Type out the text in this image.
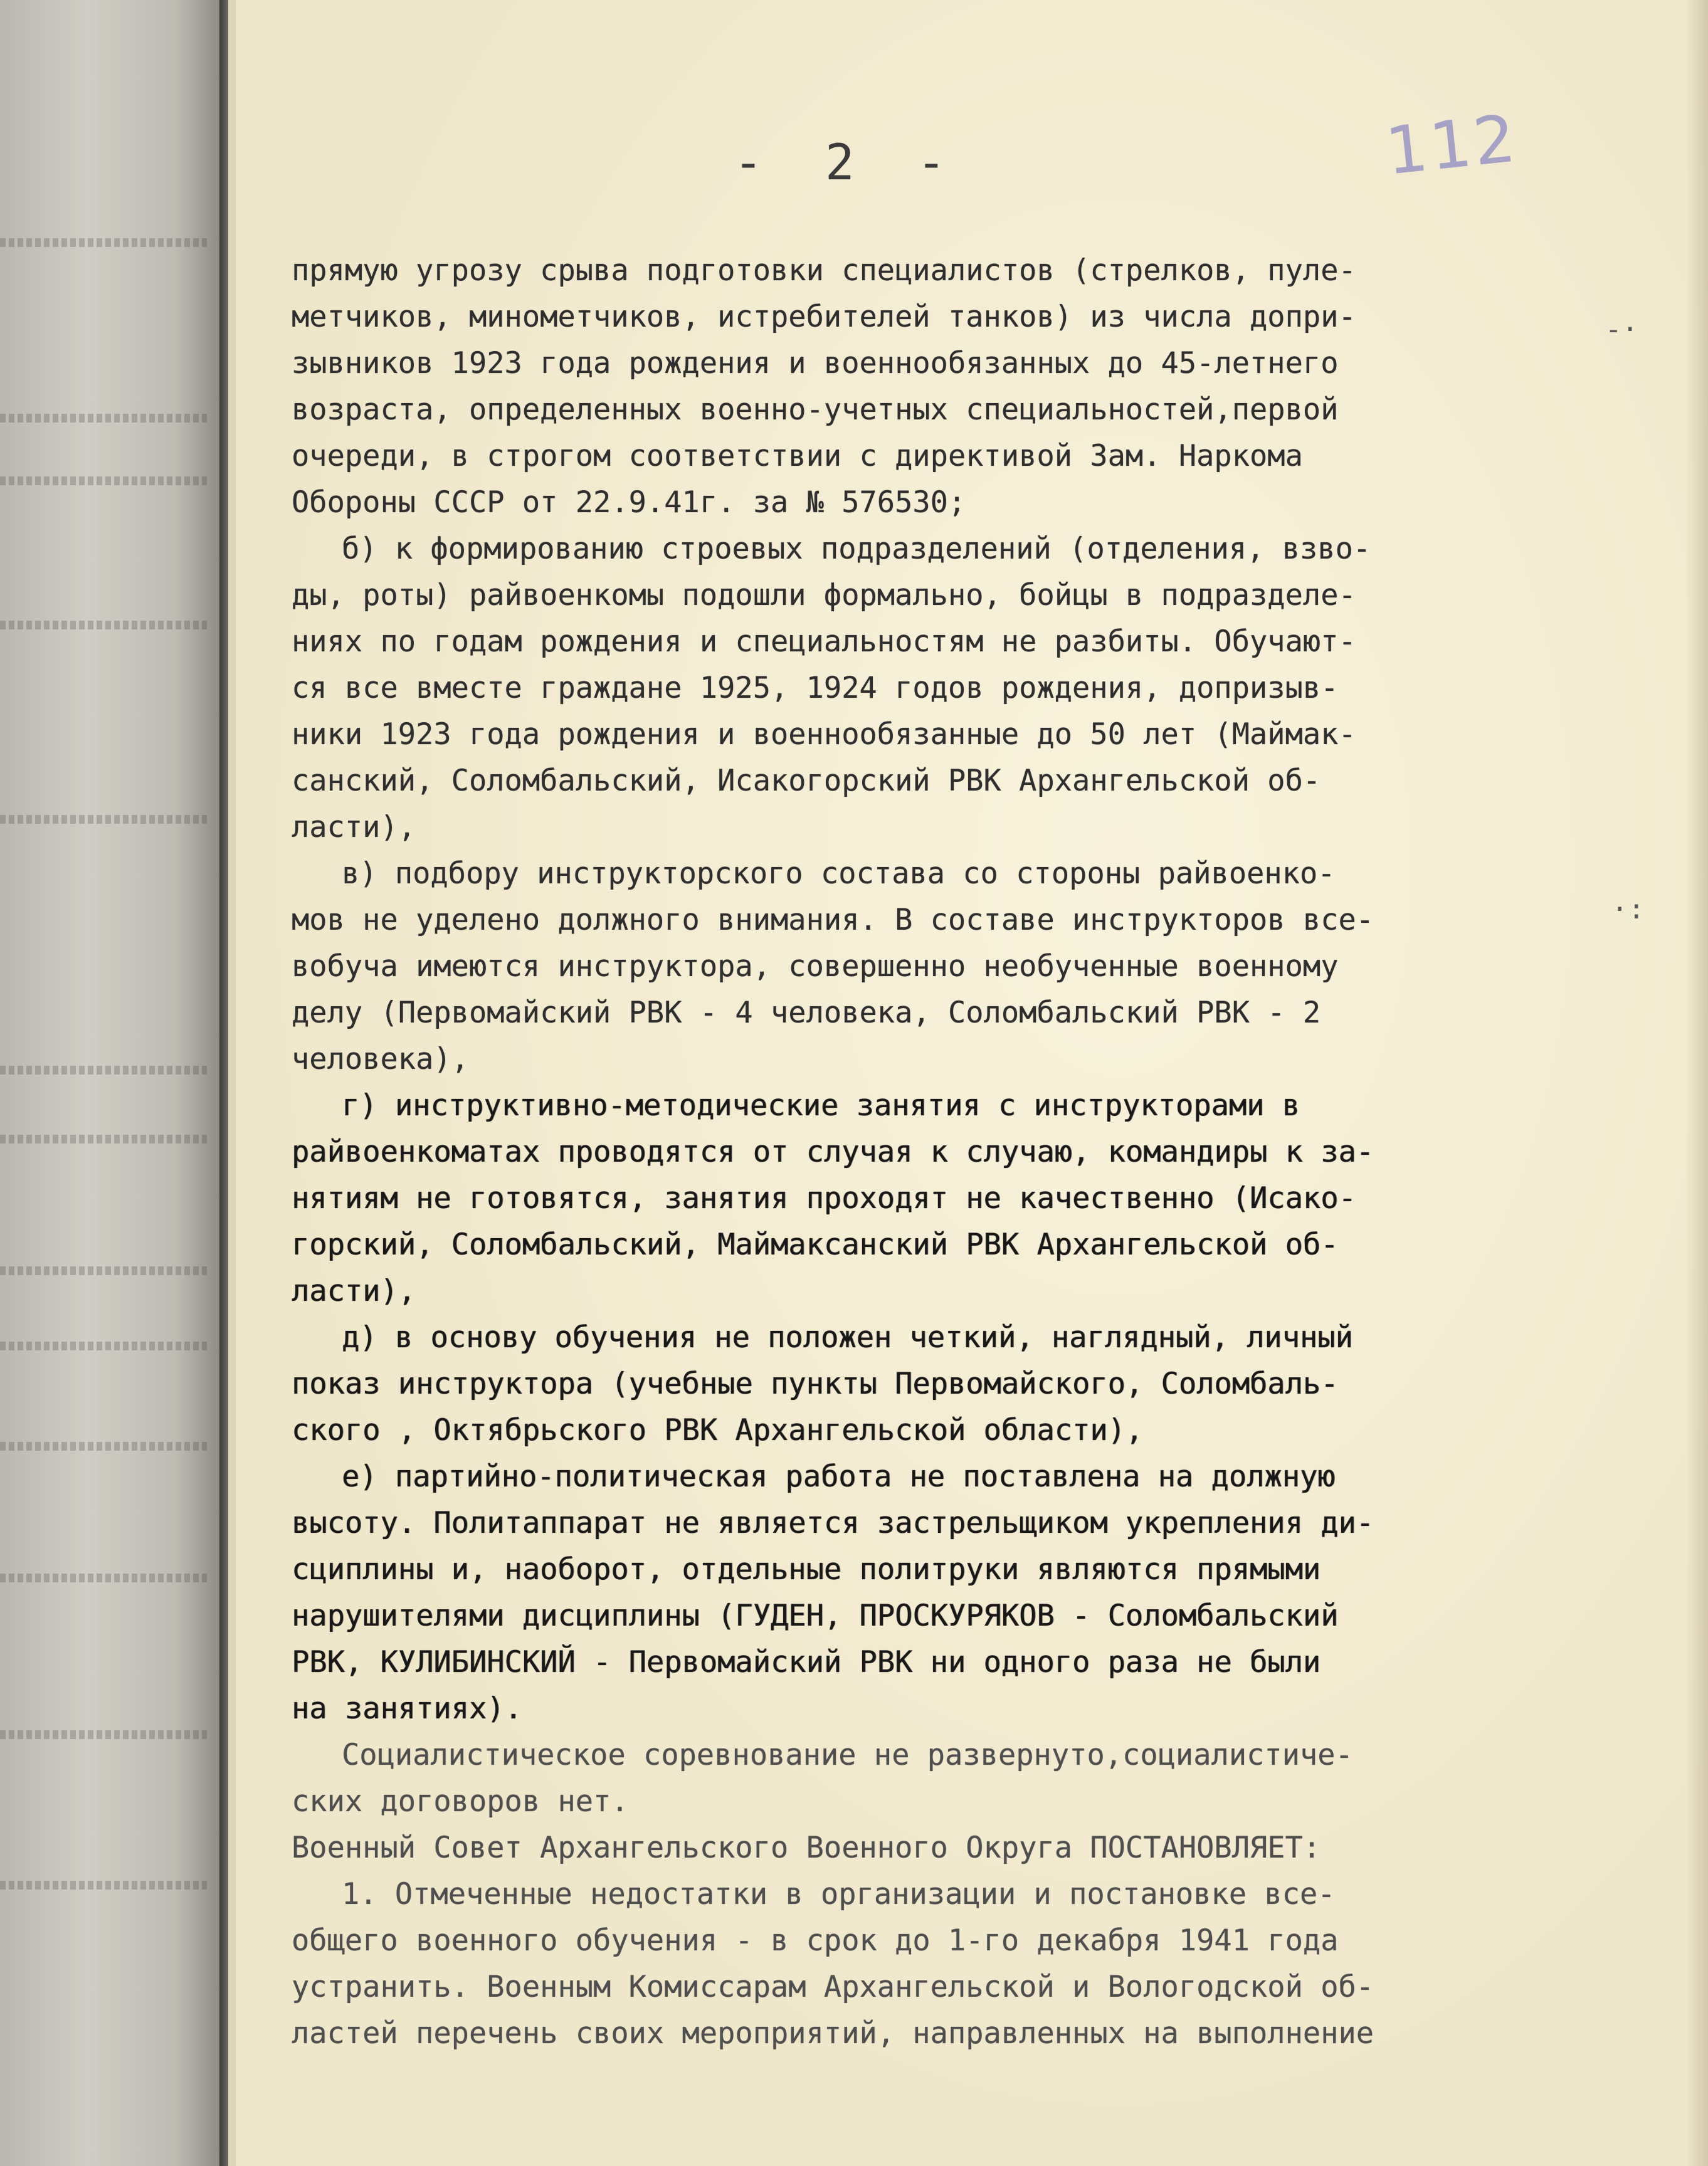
112
- 2 -
-·
·:
прямую угрозу срыва подготовки специалистов (стрелков, пуле-
метчиков, минометчиков, истребителей танков) из числа допри-
зывников 1923 года рождения и военнообязанных до 45-летнего
возраста, определенных военно-учетных специальностей,первой
очереди, в строгом соответствии с директивой Зам. Наркома
Обороны СССР от 22.9.41г. за № 576530;
б) к формированию строевых подразделений (отделения, взво-
ды, роты) райвоенкомы подошли формально, бойцы в подразделе-
ниях по годам рождения и специальностям не разбиты. Обучают-
ся все вместе граждане 1925, 1924 годов рождения, допризыв-
ники 1923 года рождения и военнообязанные до 50 лет (Маймак-
санский, Соломбальский, Исакогорский РВК Архангельской об-
ласти),
в) подбору инструкторского состава со стороны райвоенко-
мов не уделено должного внимания. В составе инструкторов все-
вобуча имеются инструктора, совершенно необученные военному
делу (Первомайский РВК - 4 человека, Соломбальский РВК - 2
человека),
г) инструктивно-методические занятия с инструкторами в
райвоенкоматах проводятся от случая к случаю, командиры к за-
нятиям не готовятся, занятия проходят не качественно (Исако-
горский, Соломбальский, Маймаксанский РВК Архангельской об-
ласти),
д) в основу обучения не положен четкий, наглядный, личный
показ инструктора (учебные пункты Первомайского, Соломбаль-
ского , Октябрьского РВК Архангельской области),
е) партийно-политическая работа не поставлена на должную
высоту. Политаппарат не является застрельщиком укрепления ди-
сциплины и, наоборот, отдельные политруки являются прямыми
нарушителями дисциплины (ГУДЕН, ПРОСКУРЯКОВ - Соломбальский
РВК, КУЛИБИНСКИЙ - Первомайский РВК ни одного раза не были
на занятиях).
Социалистическое соревнование не развернуто,социалистиче-
ских договоров нет.
Военный Совет Архангельского Военного Округа ПОСТАНОВЛЯЕТ:
1. Отмеченные недостатки в организации и постановке все-
общего военного обучения - в срок до 1-го декабря 1941 года
устранить. Военным Комиссарам Архангельской и Вологодской об-
ластей перечень своих мероприятий, направленных на выполнение
